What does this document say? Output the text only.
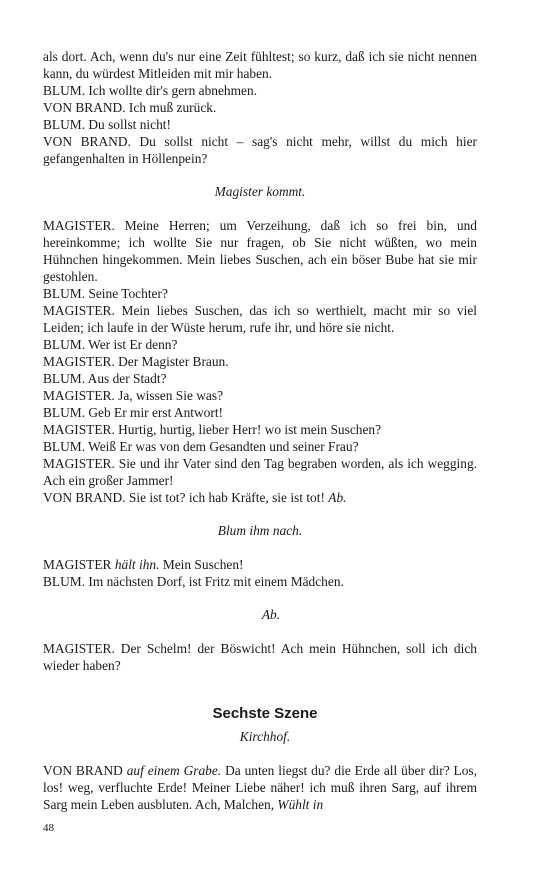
als dort. Ach, wenn du's nur eine Zeit fühltest; so kurz, daß ich sie nicht nennen kann, du würdest Mitleiden mit mir haben.

BLUM. Ich wollte dir's gern abnehmen.

VON BRAND. Ich muß zurück.

BLUM. Du sollst nicht!

VON BRAND. Du sollst nicht – sag's nicht mehr, willst du mich hier gefangenhalten in Höllenpein?

Magister kommt.

MAGISTER. Meine Herren; um Verzeihung, daß ich so frei bin, und hereinkomme; ich wollte Sie nur fragen, ob Sie nicht wüßten, wo mein Hühnchen hingekommen. Mein liebes Suschen, ach ein böser Bube hat sie mir gestohlen.

BLUM. Seine Tochter?

MAGISTER. Mein liebes Suschen, das ich so werthielt, macht mir so viel Leiden; ich laufe in der Wüste herum, rufe ihr, und höre sie nicht.

BLUM. Wer ist Er denn?

MAGISTER. Der Magister Braun.

BLUM. Aus der Stadt?

MAGISTER. Ja, wissen Sie was?

BLUM. Geb Er mir erst Antwort!

MAGISTER. Hurtig, hurtig, lieber Herr! wo ist mein Suschen?

BLUM. Weiß Er was von dem Gesandten und seiner Frau?

MAGISTER. Sie und ihr Vater sind den Tag begraben worden, als ich wegging. Ach ein großer Jammer!

VON BRAND. Sie ist tot? ich hab Kräfte, sie ist tot! Ab.

Blum ihm nach.

MAGISTER hält ihn. Mein Suschen!

BLUM. Im nächsten Dorf, ist Fritz mit einem Mädchen.

Ab.

MAGISTER. Der Schelm! der Böswicht! Ach mein Hühnchen, soll ich dich wieder haben?

Sechste Szene
Kirchhof.

VON BRAND auf einem Grabe. Da unten liegst du? die Erde all über dir? Los, los! weg, verfluchte Erde! Meiner Liebe näher! ich muß ihren Sarg, auf ihrem Sarg mein Leben ausbluten. Ach, Malchen, Wühlt in

48
